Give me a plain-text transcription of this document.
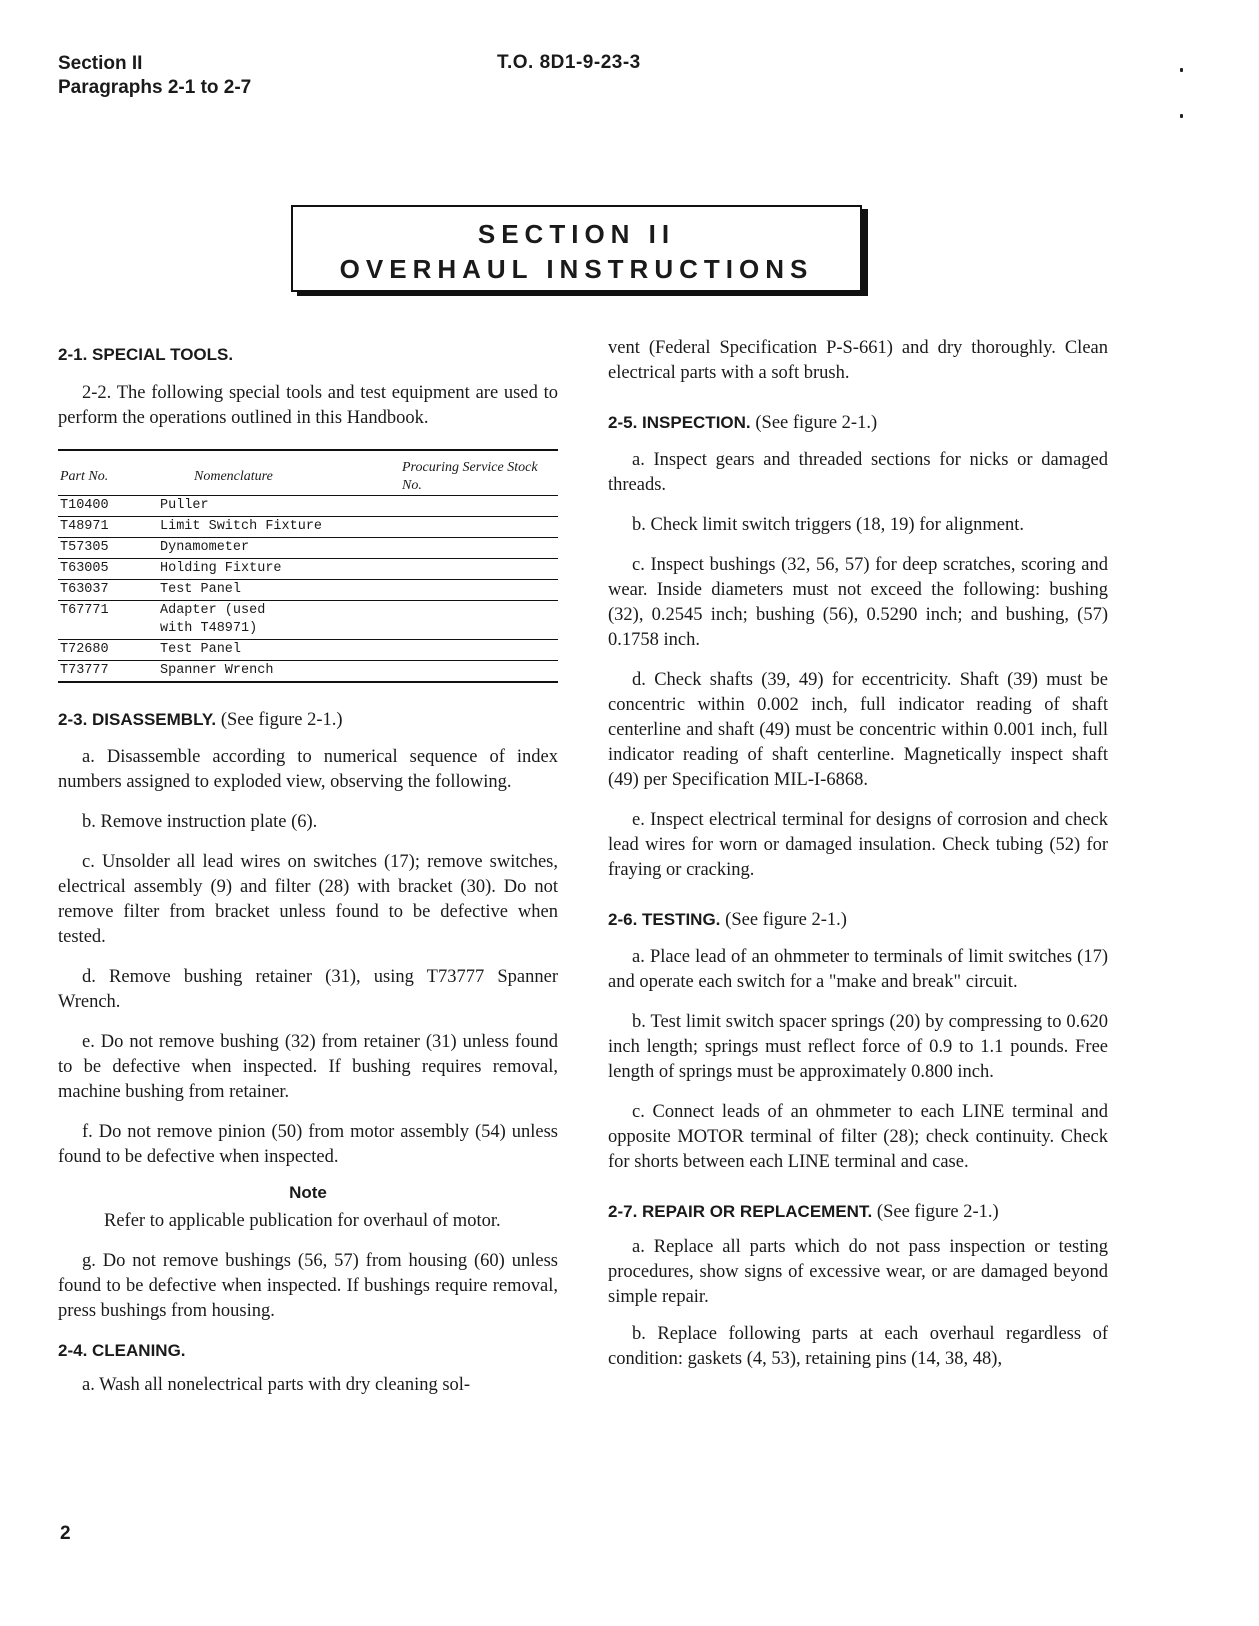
Section II
Paragraphs 2-1 to 2-7
T.O. 8D1-9-23-3
SECTION II
OVERHAUL INSTRUCTIONS
2-1. SPECIAL TOOLS.

2-2. The following special tools and test equipment are used to perform the operations outlined in this Handbook.

Part No.	Nomenclature	Procuring Service Stock No.
T10400	Puller	
T48971	Limit Switch Fixture	
T57305	Dynamometer	
T63005	Holding Fixture	
T63037	Test Panel	
T67771	Adapter (used with T48971)	
T72680	Test Panel	
T73777	Spanner Wrench	
2-3. DISASSEMBLY. (See figure 2-1.)

a. Disassemble according to numerical sequence of index numbers assigned to exploded view, observing the following.

b. Remove instruction plate (6).

c. Unsolder all lead wires on switches (17); remove switches, electrical assembly (9) and filter (28) with bracket (30). Do not remove filter from bracket unless found to be defective when tested.

d. Remove bushing retainer (31), using T73777 Spanner Wrench.

e. Do not remove bushing (32) from retainer (31) unless found to be defective when inspected. If bushing requires removal, machine bushing from retainer.

f. Do not remove pinion (50) from motor assembly (54) unless found to be defective when inspected.

Note

Refer to applicable publication for overhaul of motor.

g. Do not remove bushings (56, 57) from housing (60) unless found to be defective when inspected. If bushings require removal, press bushings from housing.

2-4. CLEANING.

a. Wash all nonelectrical parts with dry cleaning sol-

vent (Federal Specification P-S-661) and dry thoroughly. Clean electrical parts with a soft brush.

2-5. INSPECTION. (See figure 2-1.)

a. Inspect gears and threaded sections for nicks or damaged threads.

b. Check limit switch triggers (18, 19) for alignment.

c. Inspect bushings (32, 56, 57) for deep scratches, scoring and wear. Inside diameters must not exceed the following: bushing (32), 0.2545 inch; bushing (56), 0.5290 inch; and bushing, (57) 0.1758 inch.

d. Check shafts (39, 49) for eccentricity. Shaft (39) must be concentric within 0.002 inch, full indicator reading of shaft centerline and shaft (49) must be concentric within 0.001 inch, full indicator reading of shaft centerline. Magnetically inspect shaft (49) per Specification MIL-I-6868.

e. Inspect electrical terminal for designs of corrosion and check lead wires for worn or damaged insulation. Check tubing (52) for fraying or cracking.

2-6. TESTING. (See figure 2-1.)

a. Place lead of an ohmmeter to terminals of limit switches (17) and operate each switch for a "make and break" circuit.

b. Test limit switch spacer springs (20) by compressing to 0.620 inch length; springs must reflect force of 0.9 to 1.1 pounds. Free length of springs must be approximately 0.800 inch.

c. Connect leads of an ohmmeter to each LINE terminal and opposite MOTOR terminal of filter (28); check continuity. Check for shorts between each LINE terminal and case.

2-7. REPAIR OR REPLACEMENT. (See figure 2-1.)

a. Replace all parts which do not pass inspection or testing procedures, show signs of excessive wear, or are damaged beyond simple repair.

b. Replace following parts at each overhaul regardless of condition: gaskets (4, 53), retaining pins (14, 38, 48),

2
